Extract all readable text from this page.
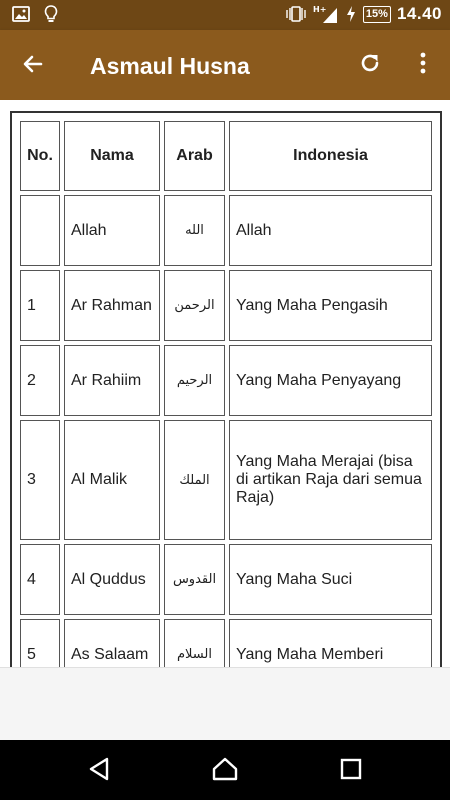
H+	15% 14.40
Asmaul Husna
No.	Nama	Arab	Indonesia
	Allah	الله	Allah
1	Ar Rahman	الرحمن	Yang Maha Pengasih
2	Ar Rahiim	الرحيم	Yang Maha Penyayang
3	Al Malik	الملك	Yang Maha Merajai (bisa di artikan Raja dari semua Raja)
4	Al Quddus	القدوس	Yang Maha Suci
5	As Salaam	السلام	Yang Maha Memberi
